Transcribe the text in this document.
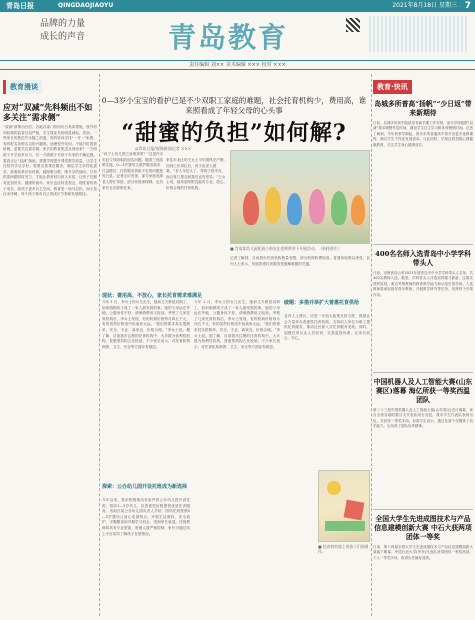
青岛日报	QINGDAOJIAOYU	2021年8月18日 星期三 7
品牌的力量
成长的声音	青岛教育
责任编辑 刘×× 美术编辑 ××× 校对 ×××
教育漫谈
应对“双减”先科频出不如多关注“需求侧”
“双减”政策出台后，各地各部门纷纷出台具体措施，校外培训机构的监管日趋严格，学生课业负担明显减轻。然而，一些家长的焦虑并未随之消退，有的转向寻找“一对一”私教，有的报名各种名目的兴趣班。治理校外培训，不能只盯着供给侧，更要关注需求侧。家长的教育焦虑从何而来？一方面源于升学竞争压力，另一方面源于对孩子未来的不确定感。要真正让“双减”落地，需要学校提升课堂教学质量，让学生在校内学足学好；需要完善课后服务，满足学生多样化需求；需要改革评价体系，破除唯分数、唯升学的倾向。只有供需两端同时发力，才能让教育回归育人本质，让孩子们拥有更加快乐、健康的童年。家长也应转变观念，理性看待孩子成长，给孩子更多自主空间。教育是一场马拉松，而不是百米冲刺，每个孩子都有自己的成长节奏和发展路径。
0—3岁小宝宝的看护已是不少双职工家庭的难题，社会托育机构少，费用高，谁来照看成了年轻父母的心头事
“甜蜜的负担”如何解?
◎青岛日报/观海新闻记者 ×××
“孩子上幼儿园之前谁来带？”这是许多年轻父母面临的现实问题。随着三孩政策实施，0—3岁婴幼儿照护服务需求日益增长，托育服务供给不足的问题愈发凸显。记者走访发现，部分家庭选择老人帮忙带娃，部分家庭请保姆，也有家长无奈辞职在家。
家住市北区的王女士今年刚休完产假，回到工作岗位后，孩子由老人照看。“老人年纪大了，带孩子很辛苦，而且育儿观念和我们也有差异。”王女士说，她希望家附近能有专业、放心、价格合理的托育机构。
■ 青岛某幼儿园托班小朋友在老师带领下开展活动。（资料图片）
记者了解到，目前我市托育机构数量有限，部分机构收费较高，普通家庭难以承受。业内人士表示，发展普惠托育服务是破解难题的关键。
现状：费用高、不放心，家长托育需求难满足
今年 1 月，李女士的女儿出生，她和丈夫都是双职工，如何照顾孩子成了一家人最发愁的事。她的父母远在外地，公婆身体不好，请保姆费用又较高。考察了几家托育机构后，李女士发现，有的机构价格每月四五千元，有的虽然价格适中但离家太远。“我们的需求其实很简单，安全、专业、离家近、价格合理。”李女士说。据了解，目前我市注册的托育机构中，大多数为营利性机构，普惠型机构占比较低。不少家长表示，对托育机构师资、卫生、安全等方面存有顾虑。
探索：公办幼儿园开设托班成为新选择
今年以来，我市积极推动有条件的公办幼儿园开设托班，招收2—3岁幼儿，以普惠性价格提供优质托育服务。市南区某公办幼儿园负责人介绍，园所托班按照0—3岁婴幼儿身心发展特点，开展生活照料、安全看护、平衡膳食和早期学习机会，受到家长欢迎。托班教师均具有专业资质，班级人数严格控制，家长可通过线上平台实时了解孩子在园情况。
今年 1 月，李女士的女儿出生，她和丈夫都是双职工，如何照顾孩子成了一家人最发愁的事。她的父母远在外地，公婆身体不好，请保姆费用又较高。考察了几家托育机构后，李女士发现，有的机构价格每月四五千元，有的虽然价格适中但离家太远。“我们的需求其实很简单，安全、专业、离家近、价格合理。”李女士说。据了解，目前我市注册的托育机构中，大多数为营利性机构，普惠型机构占比较低。不少家长表示，对托育机构师资、卫生、安全等方面存有顾虑。
破题：多措并举扩大普惠托育供给
业内人士建议，应进一步加大政策支持力度，鼓励社会力量举办普惠性托育机构，支持用人单位为职工提供托育服务，推动社区嵌入式托育服务发展。同时，加强托育从业人员培训，完善监管体系，让家长放心、安心。
■ 托育机构墙上的孩子们的画作。
教育·快讯
岛城多所普高“扬帆”“少日返”带来新期待
日前，岛城多所高中陆续发布新学期工作安排，部分学校根据“双减”要求调整作息时间，增加学生自主学习和体育锻炼时间。记者了解到，今年秋季学期起，我市多所普通高中将开设更多选修课程，满足学生个性化发展需求。与此同时，学校还将加强心理健康教育，关注学生身心健康成长。
400名名师入选青岛中小学学科带头人
日前，市教育局公布2021年度青岛市中小学学科带头人名单，共400名教师入选。据悉，学科带头人评选坚持德才兼备、注重实绩的原则，重点考察教师的教育教学能力和示范引领作用。入选教师将承担指导青年教师、开展教学研究等任务，发挥骨干引领作用。
中国机器人及人工智能大赛(山东赛区)落幕 海亿所获一等奖西温团队
第二十三届中国机器人及人工智能大赛(山东赛区)近日落幕，来自全省各地的数百支代表队同台竞技。我市学生代表队表现出色，共获得一等奖多项。参赛学生表示，通过比赛不仅锻炼了动手能力，也培养了团队协作精神。
全国大学生先进成图技术与产品信息建模创新大赛 中石大获两项团体一等奖
日前，第十四届全国大学生先进成图技术与产品信息建模创新大赛落下帷幕，中国石油大学(华东)代表队获得团体一等奖两项、个人一等奖多项，取得历史最好成绩。
